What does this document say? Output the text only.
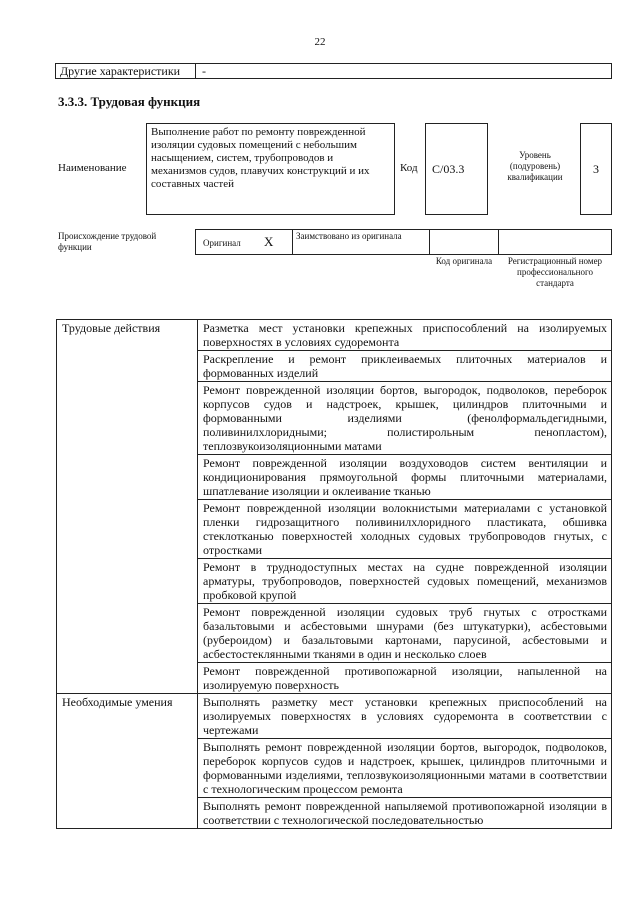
22
Другие характеристики -
3.3.3. Трудовая функция
Наименование
Выполнение работ по ремонту поврежденной изоляции судовых помещений с небольшим насыщением, систем, трубопроводов и механизмов судов, плавучих конструкций и их составных частей
Код	C/03.3
Уровень (подуровень) квалификации
3
Происхождение трудовой функции	Оригинал X	Заимствовано из оригинала
Код оригинала	Регистрационный номер профессионального стандарта
Трудовые действия	Разметка мест установки крепежных приспособлений на изолируемых поверхностях в условиях судоремонта
	Раскрепление и ремонт приклеиваемых плиточных материалов и формованных изделий
	Ремонт поврежденной изоляции бортов, выгородок, подволоков, переборок корпусов судов и надстроек, крышек, цилиндров плиточными и формованными изделиями (фенолформальдегидными, поливинилхлоридными; полистирольным пенопластом), теплозвукоизоляционными матами
	Ремонт поврежденной изоляции воздуховодов систем вентиляции и кондиционирования прямоугольной формы плиточными материалами, шпатлевание изоляции и оклеивание тканью
	Ремонт поврежденной изоляции волокнистыми материалами с установкой пленки гидрозащитного поливинилхлоридного пластиката, обшивка стеклотканью поверхностей холодных судовых трубопроводов гнутых, с отростками
	Ремонт в труднодоступных местах на судне поврежденной изоляции арматуры, трубопроводов, поверхностей судовых помещений, механизмов пробковой крупой
	Ремонт поврежденной изоляции судовых труб гнутых с отростками базальтовыми и асбестовыми шнурами (без штукатурки), асбестовыми (рубероидом) и базальтовыми картонами, парусиной, асбестовыми и асбестостеклянными тканями в один и несколько слоев
	Ремонт поврежденной противопожарной изоляции, напыленной на изолируемую поверхность
Необходимые умения	Выполнять разметку мест установки крепежных приспособлений на изолируемых поверхностях в условиях судоремонта в соответствии с чертежами
	Выполнять ремонт поврежденной изоляции бортов, выгородок, подволоков, переборок корпусов судов и надстроек, крышек, цилиндров плиточными и формованными изделиями, теплозвукоизоляционными матами в соответствии с технологическим процессом ремонта
	Выполнять ремонт поврежденной напыляемой противопожарной изоляции в соответствии с технологической последовательностью
